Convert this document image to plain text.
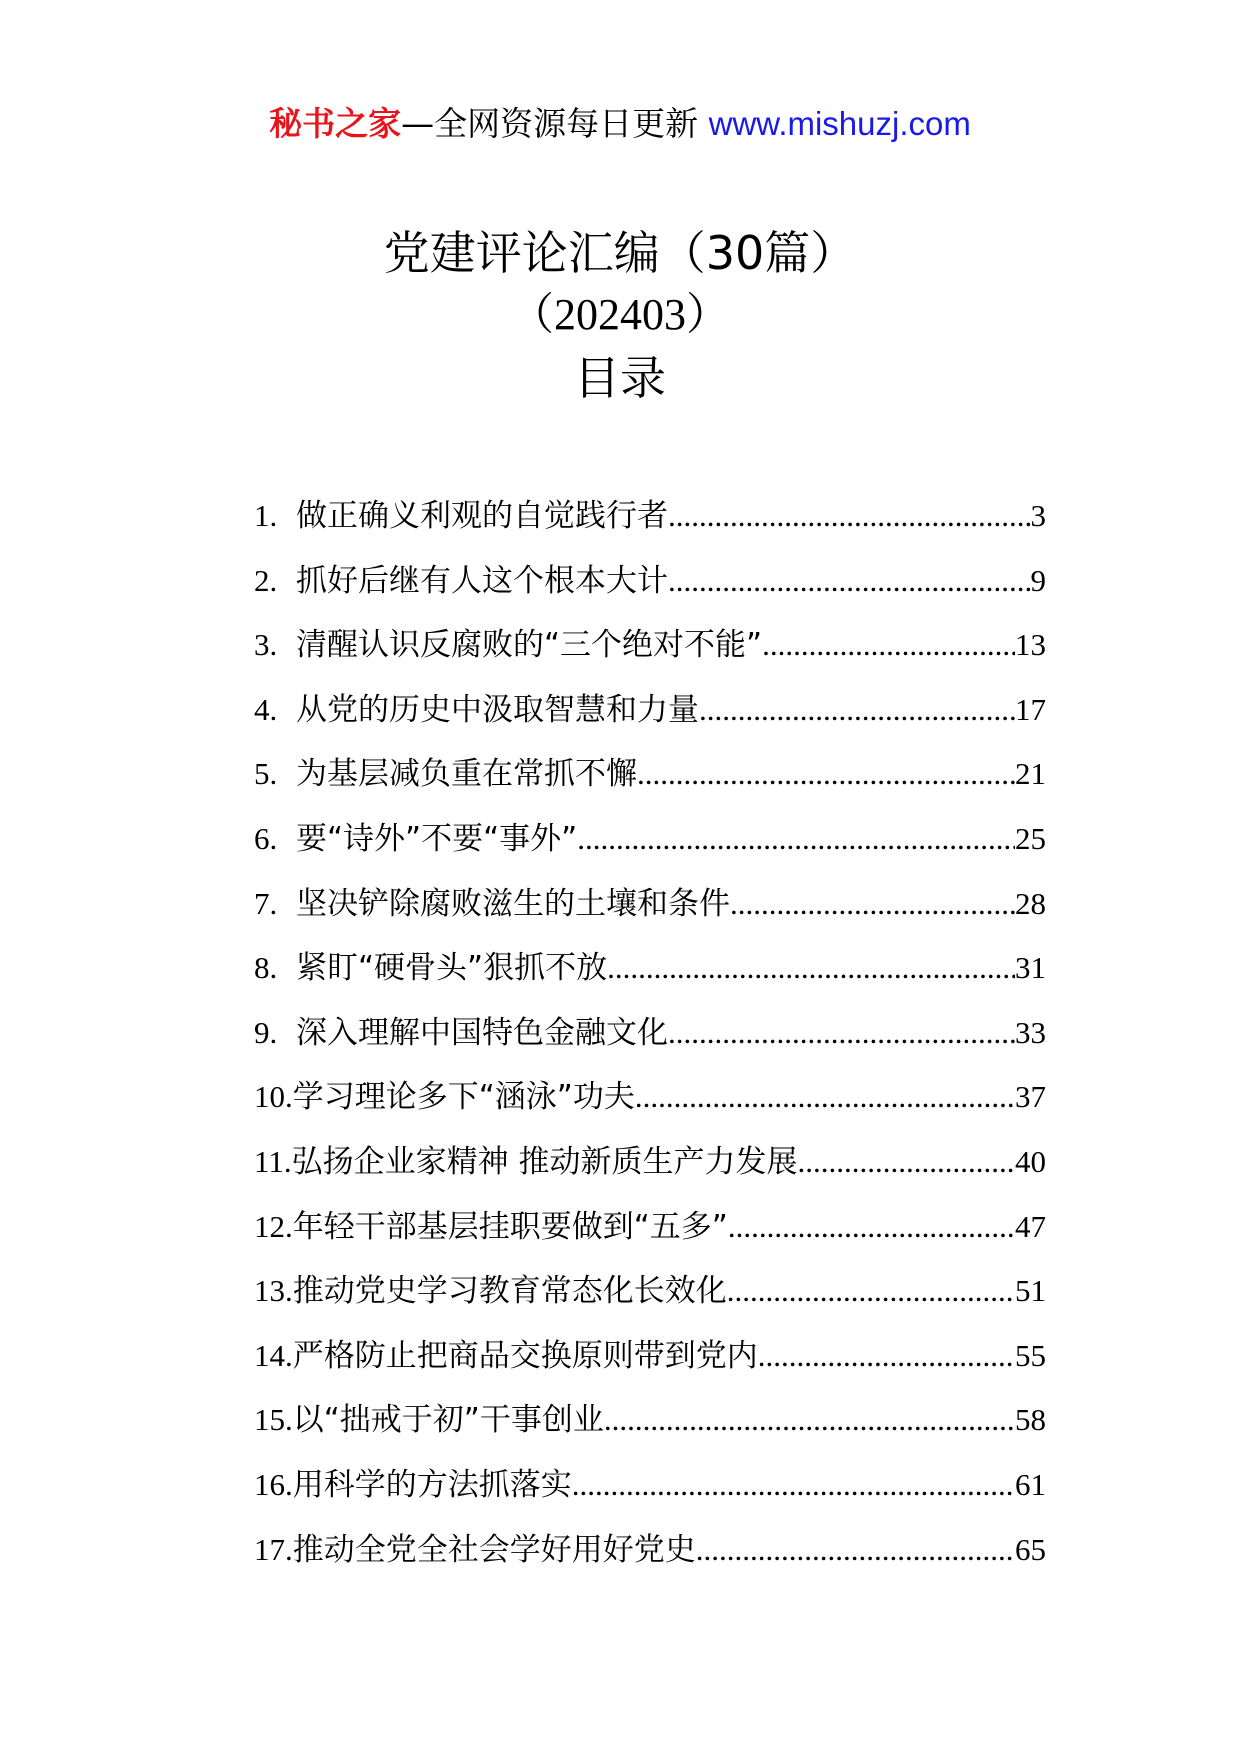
秘书之家—全网资源每日更新 www.mishuzj.com
党建评论汇编（30篇）

（202403）

目录

1. 做正确义利观的自觉践行者 .....	3
2. 抓好后继有人这个根本大计 .....	9
3. 清醒认识反腐败的“三个绝对不能” .....	13
4. 从党的历史中汲取智慧和力量 .....	17
5. 为基层减负重在常抓不懈 .....	21
6. 要“诗外”不要“事外” .....	25
7. 坚决铲除腐败滋生的土壤和条件 .....	28
8. 紧盯“硬骨头”狠抓不放 .....	31
9. 深入理解中国特色金融文化 .....	33
10. 学习理论多下“涵泳”功夫 .....	37
11. 弘扬企业家精神 推动新质生产力发展 .....	40
12. 年轻干部基层挂职要做到“五多” .....	47
13. 推动党史学习教育常态化长效化 .....	51
14. 严格防止把商品交换原则带到党内 .....	55
15. 以“拙戒于初”干事创业 .....	58
16. 用科学的方法抓落实 .....	61
17. 推动全党全社会学好用好党史 .....	65
